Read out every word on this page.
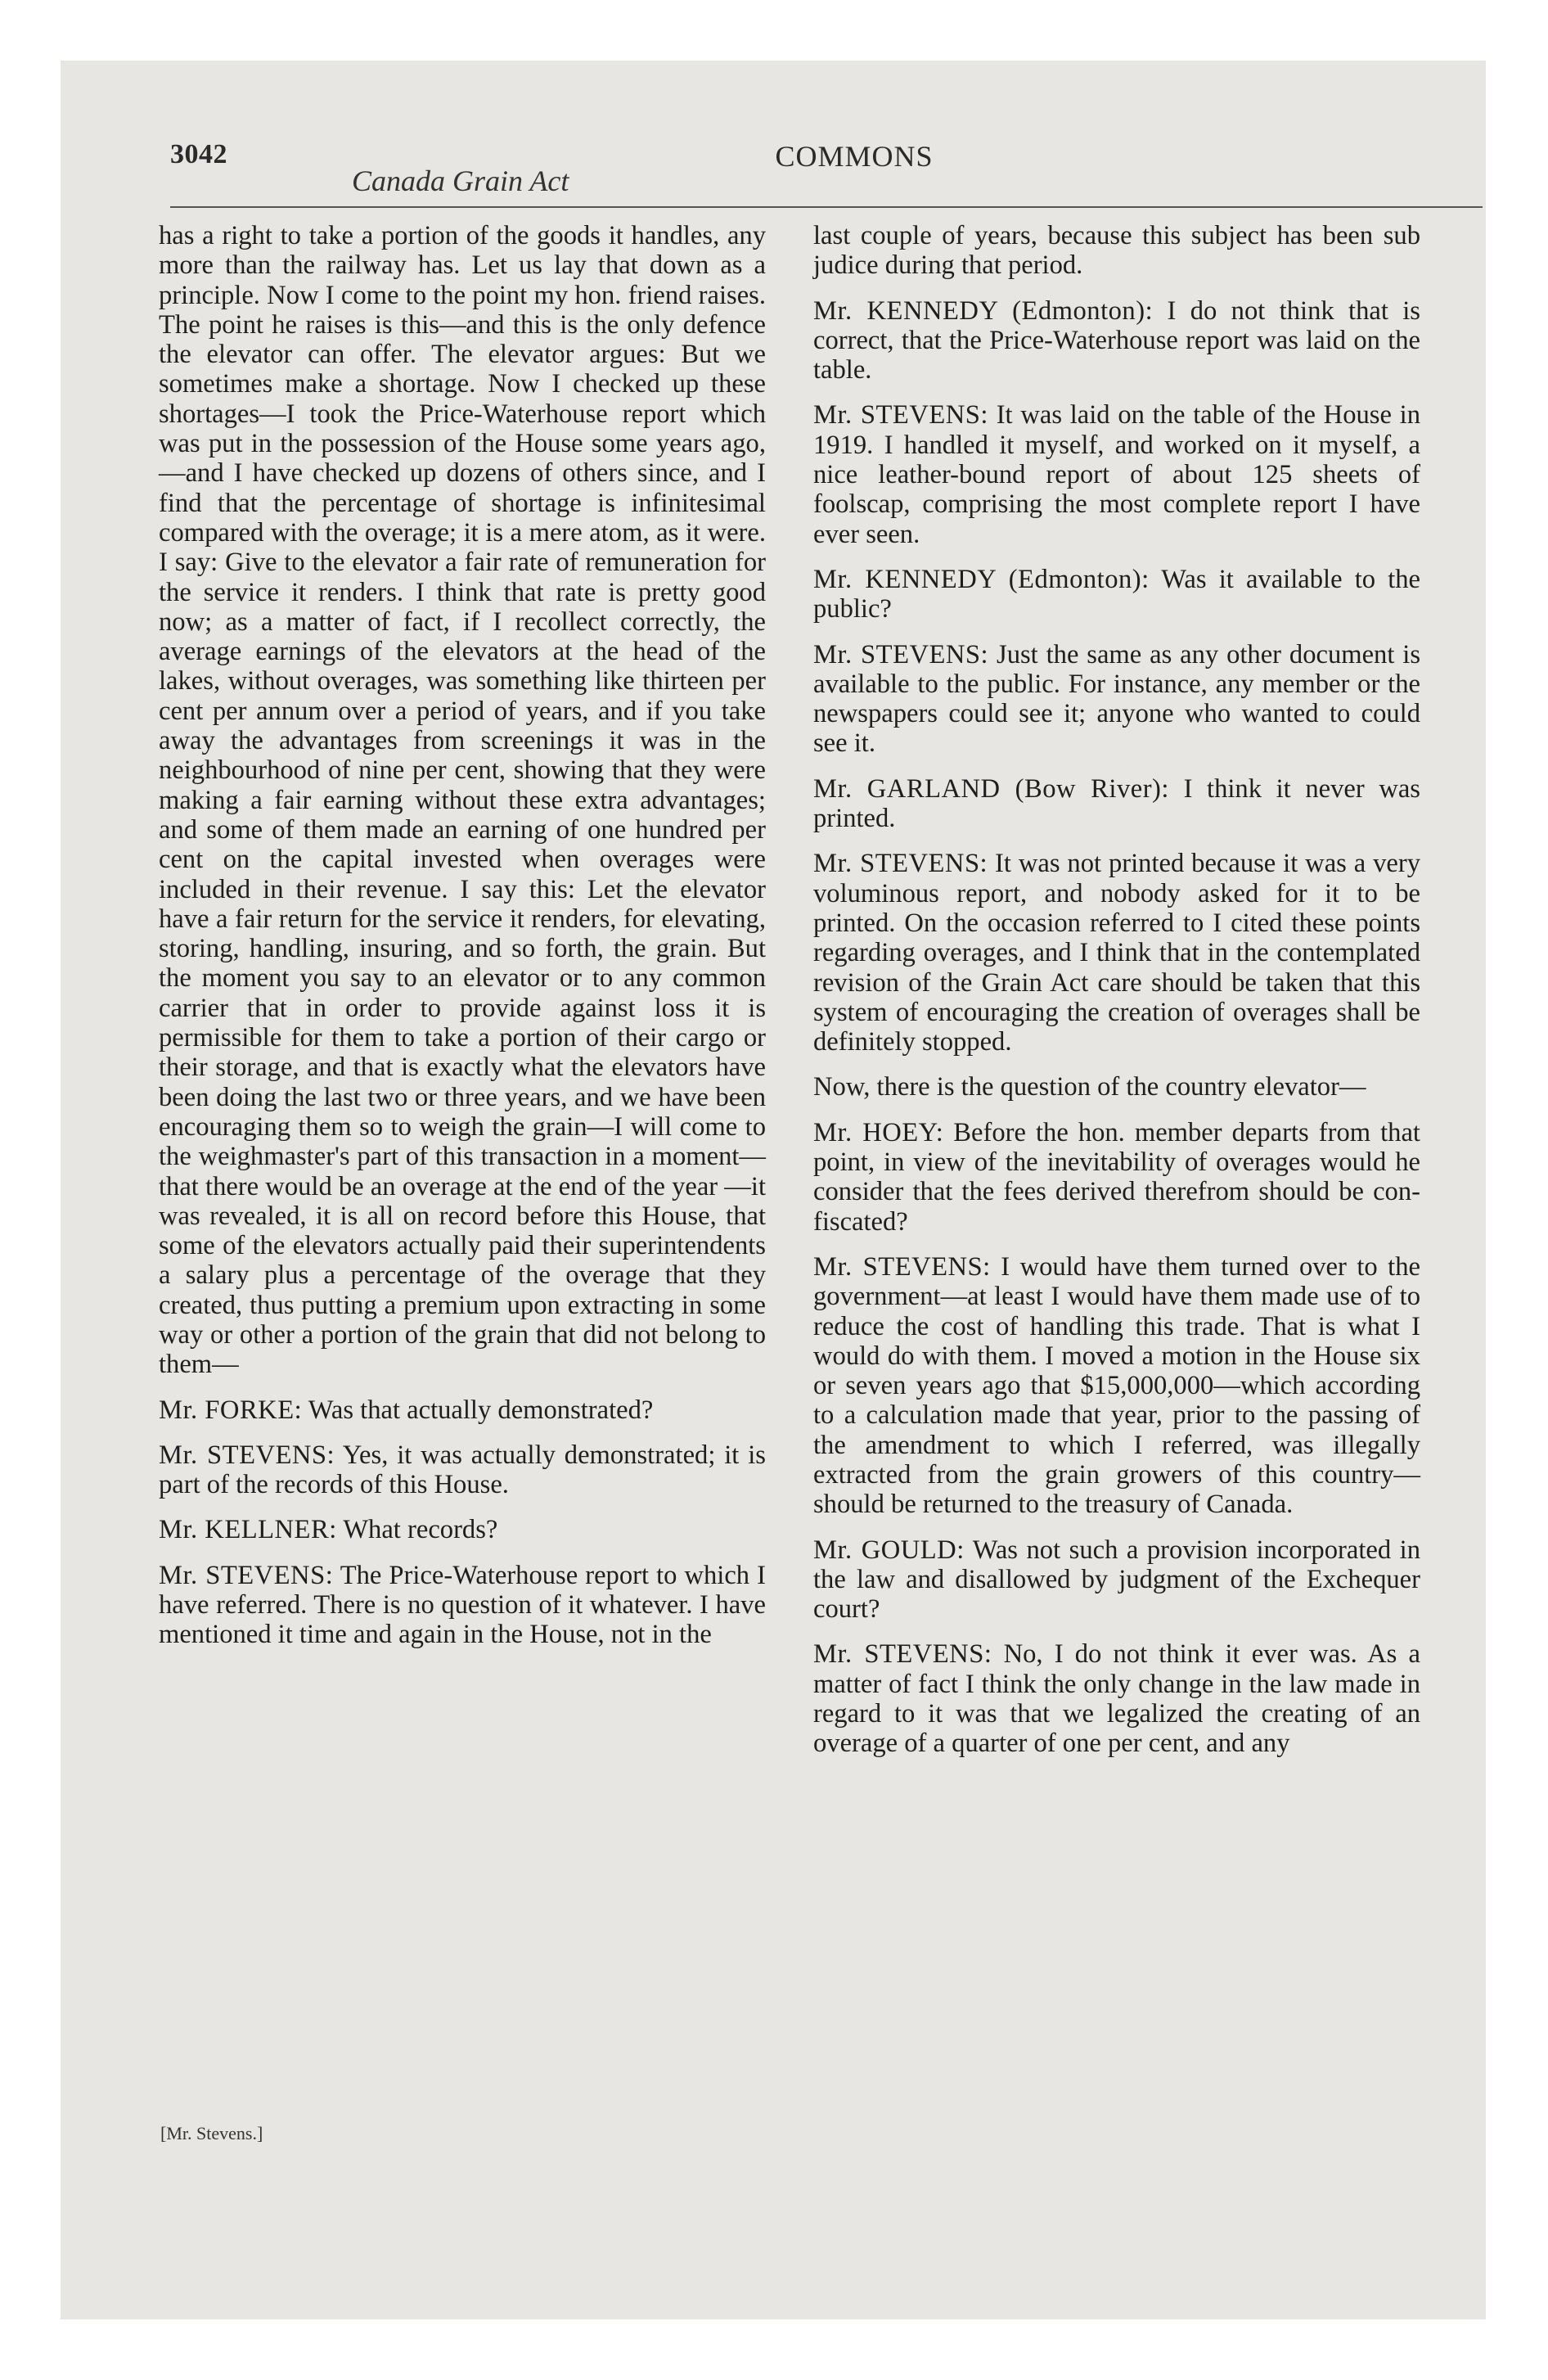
3042
Canada Grain Act
COMMONS

has a right to take a portion of the goods it handles, any more than the railway has. Let us lay that down as a principle. Now I come to the point my hon. friend raises. The point he raises is this—and this is the only defence the elevator can offer. The elevator argues: But we sometimes make a shortage. Now I checked up these shortages—I took the Price-Waterhouse report which was put in the possession of the House some years ago,—and I have checked up dozens of others since, and I find that the percentage of shortage is infinitesimal compared with the overage; it is a mere atom, as it were. I say: Give to the elevator a fair rate of remuneration for the service it renders. I think that rate is pretty good now; as a matter of fact, if I recollect correctly, the average earnings of the elevators at the head of the lakes, without overages, was something like thirteen per cent per annum over a period of years, and if you take away the advantages from screenings it was in the neighbourhood of nine per cent, showing that they were making a fair earning without these extra advantages; and some of them made an earning of one hundred per cent on the capital invested when overages were included in their revenue. I say this: Let the elevator have a fair return for the service it renders, for elevating, storing, handling, insuring, and so forth, the grain. But the moment you say to an elevator or to any common carrier that in order to provide against loss it is permissible for them to take a portion of their cargo or their storage, and that is exactly what the elevators have been doing the last two or three years, and we have been encouraging them so to weigh the grain—I will come to the weighmaster's part of this transaction in a moment—that there would be an overage at the end of the year —it was revealed, it is all on record before this House, that some of the elevators actually paid their superintendents a salary plus a percentage of the overage that they created, thus putting a premium upon extracting in some way or other a portion of the grain that did not belong to them—

Mr. FORKE: Was that actually demonstrated?

Mr. STEVENS: Yes, it was actually demonstrated; it is part of the records of this House.

Mr. KELLNER: What records?

Mr. STEVENS: The Price-Waterhouse report to which I have referred. There is no question of it whatever. I have mentioned it time and again in the House, not in the

last couple of years, because this subject has been sub judice during that period.

Mr. KENNEDY (Edmonton): I do not think that is correct, that the Price-Waterhouse report was laid on the table.

Mr. STEVENS: It was laid on the table of the House in 1919. I handled it myself, and worked on it myself, a nice leather-bound report of about 125 sheets of foolscap, comprising the most complete report I have ever seen.

Mr. KENNEDY (Edmonton): Was it available to the public?

Mr. STEVENS: Just the same as any other document is available to the public. For instance, any member or the newspapers could see it; anyone who wanted to could see it.

Mr. GARLAND (Bow River): I think it never was printed.

Mr. STEVENS: It was not printed because it was a very voluminous report, and nobody asked for it to be printed. On the occasion referred to I cited these points regarding overages, and I think that in the contemplated revision of the Grain Act care should be taken that this system of encouraging the creation of overages shall be definitely stopped.

Now, there is the question of the country elevator—

Mr. HOEY: Before the hon. member departs from that point, in view of the inevitability of overages would he consider that the fees derived therefrom should be confiscated?

Mr. STEVENS: I would have them turned over to the government—at least I would have them made use of to reduce the cost of handling this trade. That is what I would do with them. I moved a motion in the House six or seven years ago that $15,000,000—which according to a calculation made that year, prior to the passing of the amendment to which I referred, was illegally extracted from the grain growers of this country—should be returned to the treasury of Canada.

Mr. GOULD: Was not such a provision incorporated in the law and disallowed by judgment of the Exchequer court?

Mr. STEVENS: No, I do not think it ever was. As a matter of fact I think the only change in the law made in regard to it was that we legalized the creating of an overage of a quarter of one per cent, and any

[Mr. Stevens.]
